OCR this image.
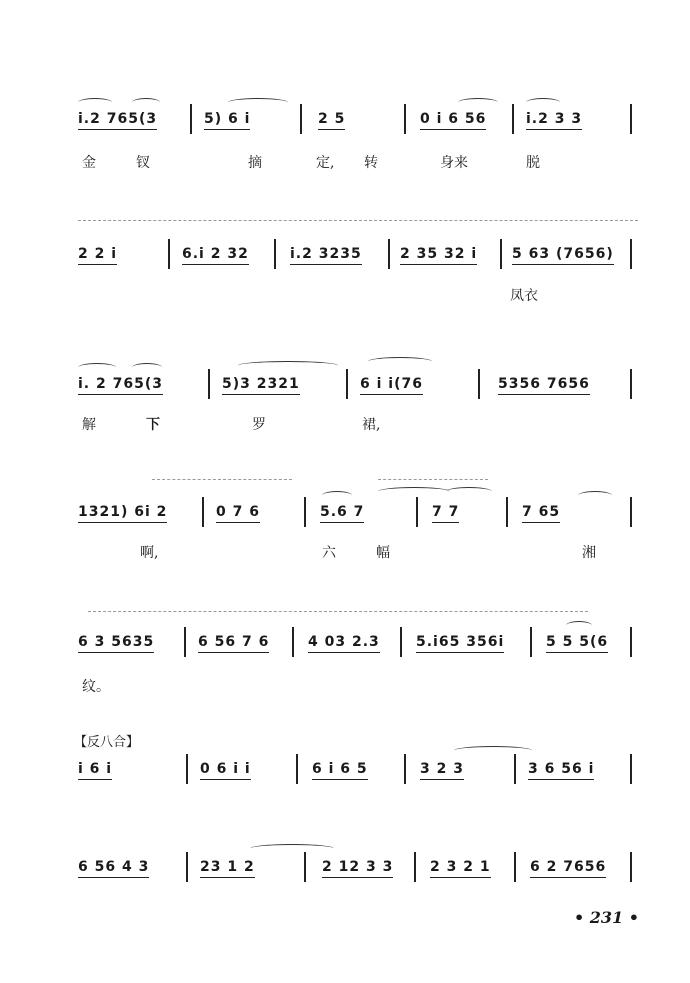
i.2 765(3	5) 6 i	2 5	0 i 6 56	i.2 3 3
金	钗	摘	定, 转	身来	脱
2 2 i	6.i 2 32	i.2 3235	2 35 32 i 5 63 (7656)
凤衣
i. 2 765(3	5)3 2321	6 i i(76	5356 7656
解	下	罗	裙,
1321) 6i 2	0 7 6	5.6 7	7 7	7 65
啊,	六	幅	湘
6 3 5635	6 56 7 6	4 03 2.3	5.i65 356i	5 5 5(6
纹。
【反八合】
i 6 i	0 6 i i	6 i 6 5	3 2 3	3 6 56 i
6 56 4 3	23 1 2	2 12 3 3	2 3 2 1	6 2 7656
• 231 •
